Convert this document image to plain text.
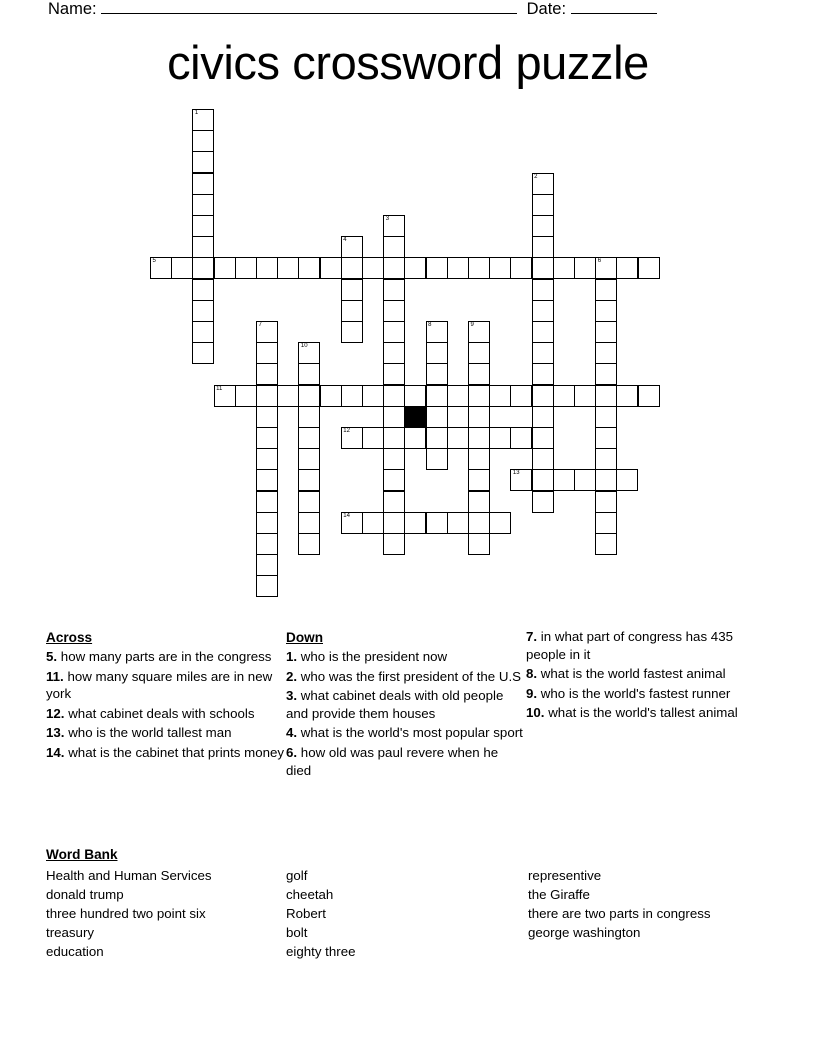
Name:	Date:
civics crossword puzzle
1
2
3
4
5	6
7	8	9
10
11
12
13
14
Across
5. how many parts are in the congress
11. how many square miles are in new york
12. what cabinet deals with schools
13. who is the world tallest man
14. what is the cabinet that prints money
Down
1. who is the president now
2. who was the first president of the U.S
3. what cabinet deals with old people and provide them houses
4. what is the world's most popular sport
6. how old was paul revere when he died
7. in what part of congress has 435 people in it
8. what is the world fastest animal
9. who is the world's fastest runner
10. what is the world's tallest animal
Word Bank
Health and Human Services
donald trump
three hundred two point six
treasury
education
golf
cheetah
Robert
bolt
eighty three
representive
the Giraffe
there are two parts in congress
george washington
